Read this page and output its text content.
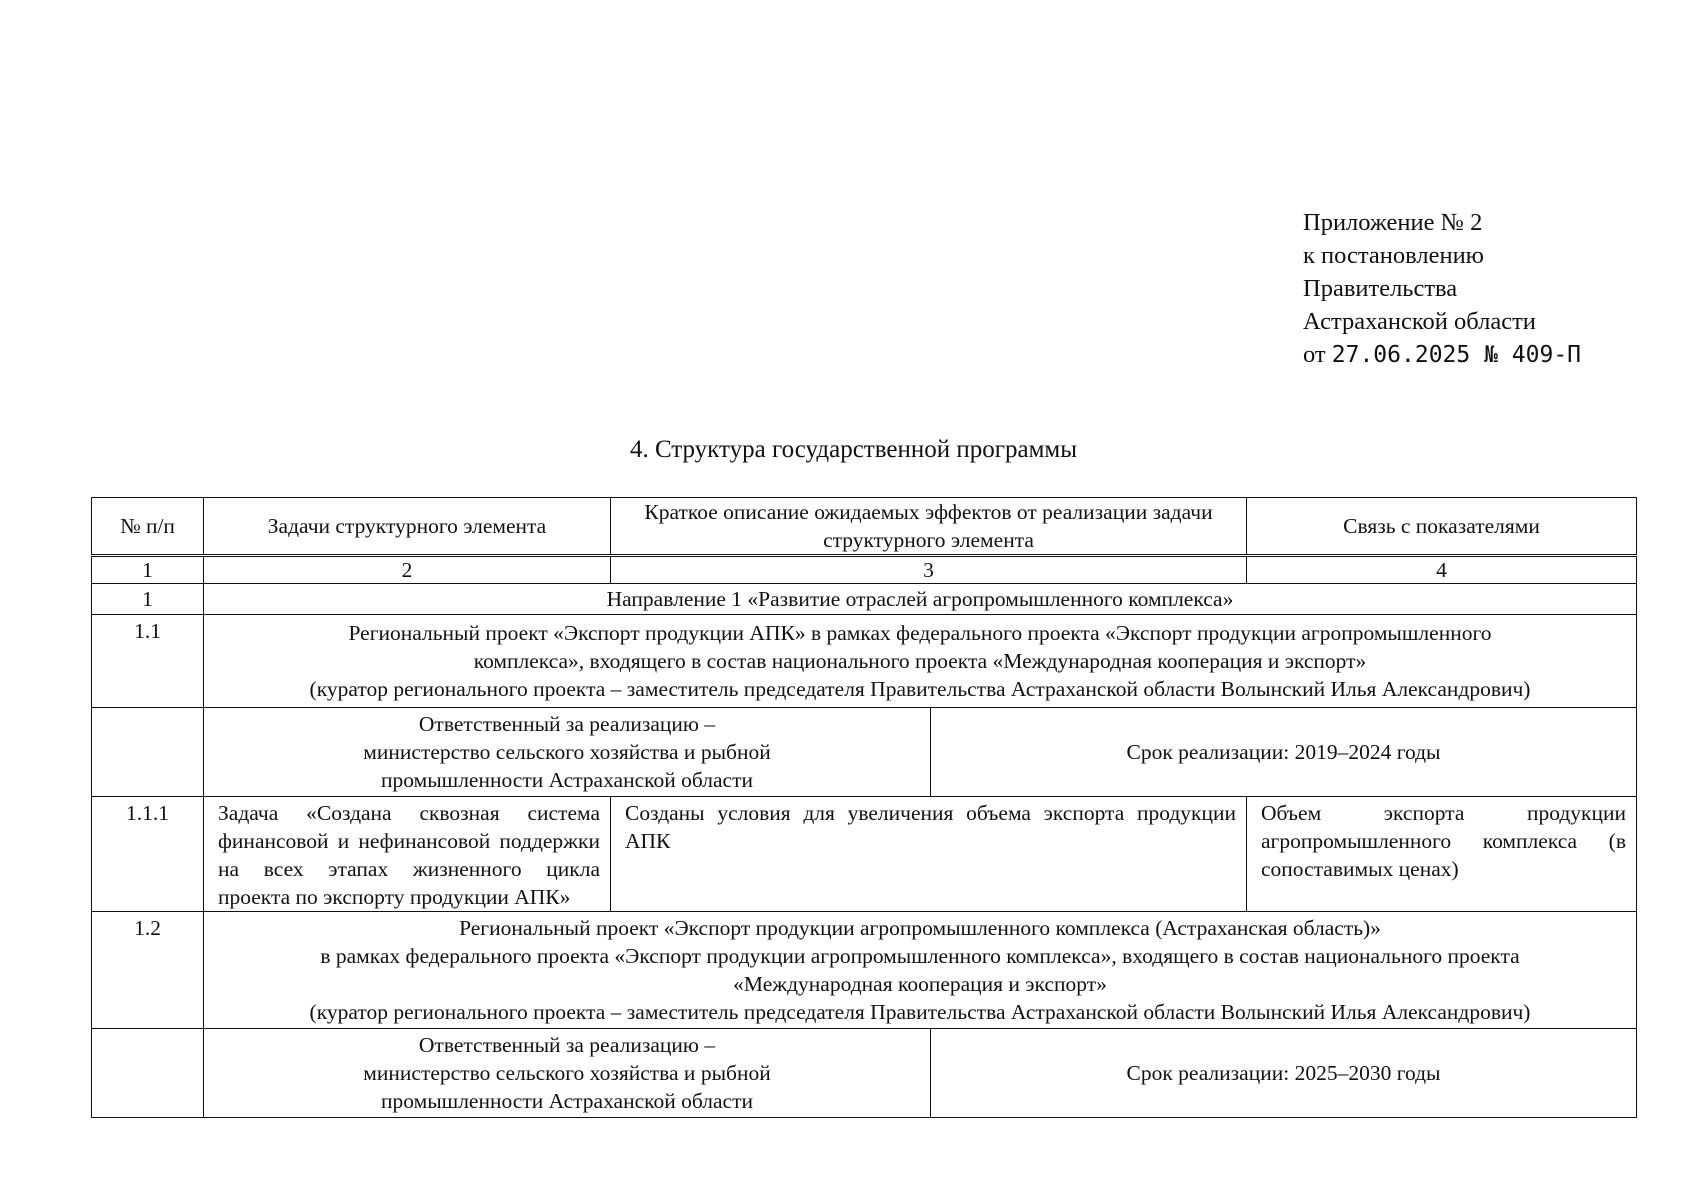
Приложение № 2
к постановлению
Правительства
Астраханской области
от 27.06.2025 № 409-П
4. Структура государственной программы
№ п/п	Задачи структурного элемента	Краткое описание ожидаемых эффектов от реализации задачи структурного элемента		Связь с показателями
1	2	3		4
1	Направление 1 «Развитие отраслей агропромышленного комплекса»			
1.1	Региональный проект «Экспорт продукции АПК» в рамках федерального проекта «Экспорт продукции агропромышленного
комплекса», входящего в состав национального проекта «Международная кооперация и экспорт»
(куратор регионального проекта – заместитель председателя Правительства Астраханской области Волынский Илья Александрович)			

	Ответственный за реализацию –
министерство сельского хозяйства и рыбной
промышленности Астраханской области		Срок реализации: 2019–2024 годы	
1.1.1	Задача «Создана сквозная система финансовой и нефинансовой поддержки на всех этапах жизненного цикла проекта по экспорту продукции АПК»	Созданы условия для увеличения объема экспорта продукции АПК		Объем экспорта продукции агропромышленного комплекса (в сопоставимых ценах)
1.2	Региональный проект «Экспорт продукции агропромышленного комплекса (Астраханская область)»
в рамках федерального проекта «Экспорт продукции агропромышленного комплекса», входящего в состав национального проекта
«Международная кооперация и экспорт»
(куратор регионального проекта – заместитель председателя Правительства Астраханской области Волынский Илья Александрович)			

	Ответственный за реализацию –
министерство сельского хозяйства и рыбной
промышленности Астраханской области		Срок реализации: 2025–2030 годы	
